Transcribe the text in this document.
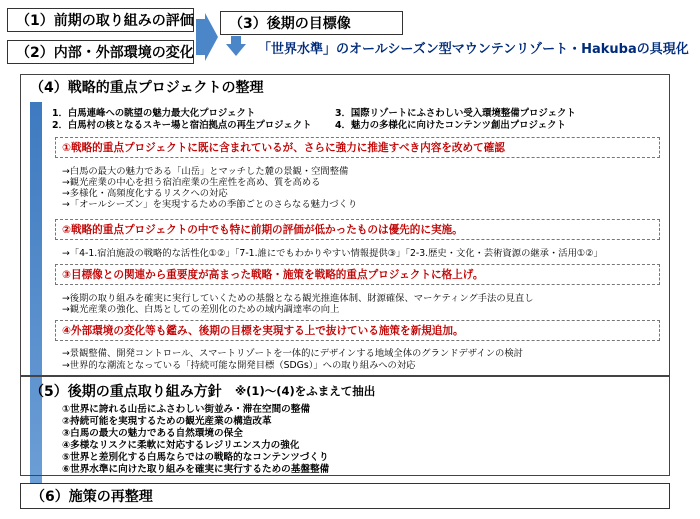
（1）前期の取り組みの評価
（2）内部・外部環境の変化
（3）後期の目標像
「世界水準」のオールシーズン型マウンテンリゾート・Hakubaの具現化
（4）戦略的重点プロジェクトの整理
1．白馬連峰への眺望の魅力最大化プロジェクト
2．白馬村の核となるスキー場と宿泊拠点の再生プロジェクト
3．国際リゾートにふさわしい受入環境整備プロジェクト
4．魅力の多様化に向けたコンテンツ創出プロジェクト
①戦略的重点プロジェクトに既に含まれているが、さらに強力に推進すべき内容を改めて確認
→白馬の最大の魅力である「山岳」とマッチした麓の景観・空間整備
→観光産業の中心を担う宿泊産業の生産性を高め、質を高める
→多様化・高頻度化するリスクへの対応
→「オールシーズン」を実現するための季節ごとのさらなる魅力づくり
②戦略的重点プロジェクトの中でも特に前期の評価が低かったものは優先的に実施。
→「4-1.宿泊施設の戦略的な活性化①②」「7-1.誰にでもわかりやすい情報提供③」「2-3.歴史・文化・芸術資源の継承・活用①②」
③目標像との関連から重要度が高まった戦略・施策を戦略的重点プロジェクトに格上げ。
→後期の取り組みを確実に実行していくための基盤となる観光推進体制、財源確保、マーケティング手法の見直し
→観光産業の強化、白馬としての差別化のための域内調達率の向上
④外部環境の変化等も鑑み、後期の目標を実現する上で抜けている施策を新規追加。
→景観整備、開発コントロール、スマートリゾートを一体的にデザインする地域全体のグランドデザインの検討
→世界的な潮流となっている「持続可能な開発目標（SDGs）」への取り組みへの対応
（5）後期の重点取り組み方針 ※(1)～(4)をふまえて抽出
①世界に誇れる山岳にふさわしい街並み・滞在空間の整備
②持続可能を実現するための観光産業の構造改革
③白馬の最大の魅力である自然環境の保全
④多様なリスクに柔軟に対応するレジリエンス力の強化
⑤世界と差別化する白馬ならではの戦略的なコンテンツづくり
⑥世界水準に向けた取り組みを確実に実行するための基盤整備
（6）施策の再整理
